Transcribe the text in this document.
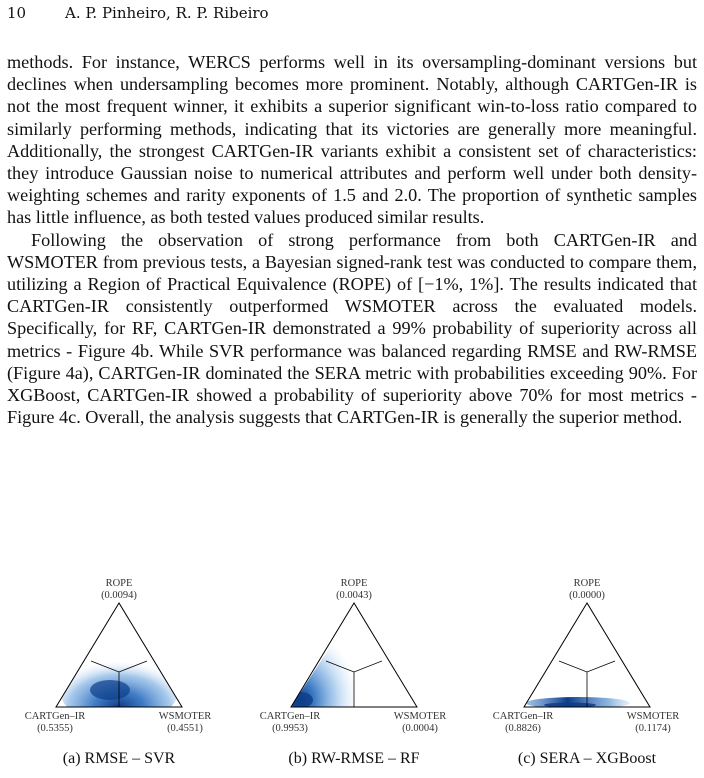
10	A. P. Pinheiro, R. P. Ribeiro

methods. For instance, WERCS performs well in its oversampling-dominant versions but declines when undersampling becomes more prominent. Notably, although CARTGen-IR is not the most frequent winner, it exhibits a superior significant win-to-loss ratio compared to similarly performing methods, indicating that its victories are generally more meaningful. Additionally, the strongest CARTGen-IR variants exhibit a consistent set of characteristics: they introduce Gaussian noise to numerical attributes and perform well under both density-weighting schemes and rarity exponents of 1.5 and 2.0. The proportion of synthetic samples has little influence, as both tested values produced similar results.

Following the observation of strong performance from both CARTGen-IR and WSMOTER from previous tests, a Bayesian signed-rank test was conducted to compare them, utilizing a Region of Practical Equivalence (ROPE) of [−1%, 1%]. The results indicated that CARTGen-IR consistently outperformed WSMOTER across the evaluated models. Specifically, for RF, CARTGen-IR demonstrated a 99% probability of superiority across all metrics - Figure 4b. While SVR performance was balanced regarding RMSE and RW-RMSE (Figure 4a), CARTGen-IR dominated the SERA metric with probabilities exceeding 90%. For XGBoost, CARTGen-IR showed a probability of superiority above 70% for most metrics - Figure 4c. Overall, the analysis suggests that CARTGen-IR is generally the superior method.

ROPE
(0.0094)
CARTGen–IR
(0.5355)
WSMOTER
(0.4551)
(a) RMSE – SVR
ROPE
(0.0043)
CARTGen–IR
(0.9953)
WSMOTER
(0.0004)
(b) RW-RMSE – RF
ROPE
(0.0000)
CARTGen–IR
(0.8826)
WSMOTER
(0.1174)
(c) SERA – XGBoost
